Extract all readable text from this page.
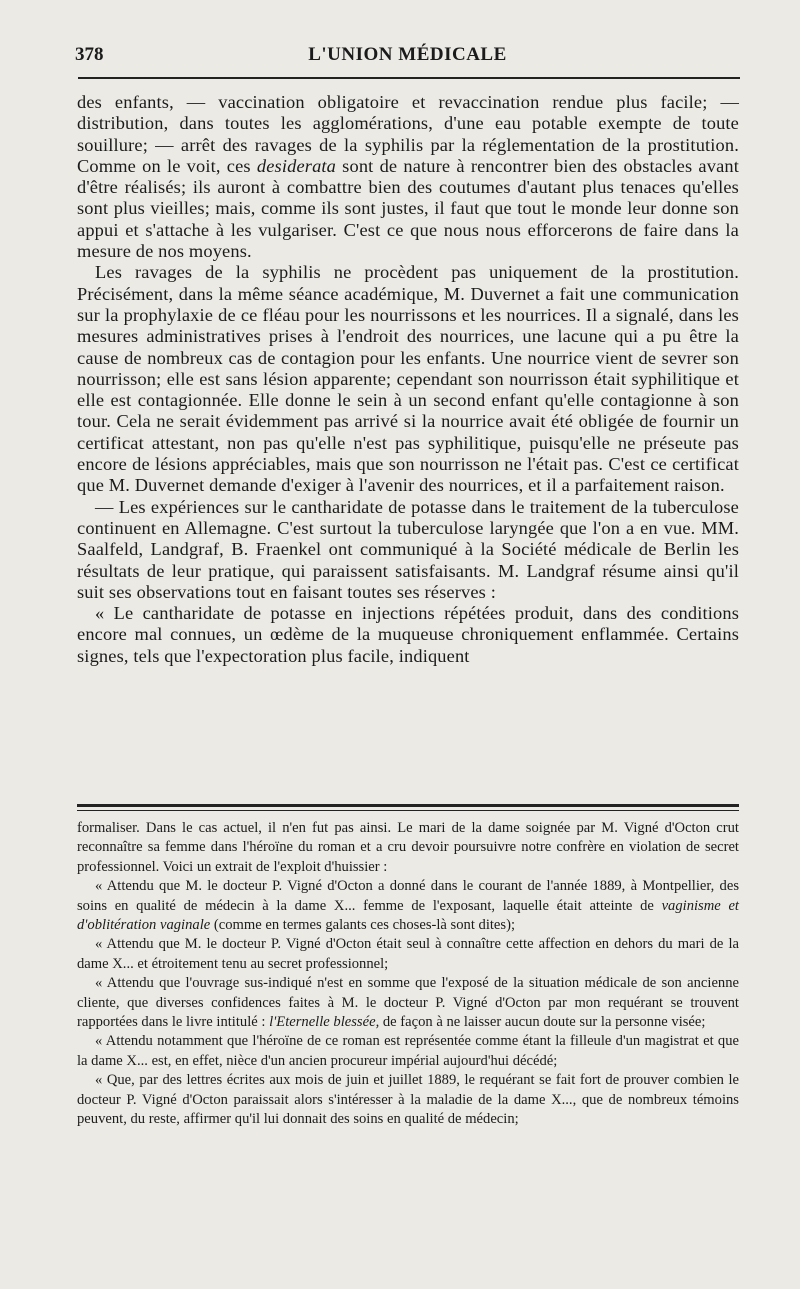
378	L'UNION MÉDICALE

des enfants, — vaccination obligatoire et revaccination rendue plus facile; — distribution, dans toutes les agglomérations, d'une eau potable exempte de toute souillure; — arrêt des ravages de la syphilis par la réglementation de la prostitution. Comme on le voit, ces desiderata sont de nature à rencontrer bien des obstacles avant d'être réalisés; ils auront à combattre bien des coutumes d'autant plus tenaces qu'elles sont plus vieilles; mais, comme ils sont justes, il faut que tout le monde leur donne son appui et s'attache à les vulgariser. C'est ce que nous nous efforcerons de faire dans la mesure de nos moyens.

Les ravages de la syphilis ne procèdent pas uniquement de la prostitution. Précisément, dans la même séance académique, M. Duvernet a fait une communication sur la prophylaxie de ce fléau pour les nourrissons et les nourrices. Il a signalé, dans les mesures administratives prises à l'endroit des nourrices, une lacune qui a pu être la cause de nombreux cas de contagion pour les enfants. Une nourrice vient de sevrer son nourrisson; elle est sans lésion apparente; cependant son nourrisson était syphilitique et elle est contagionnée. Elle donne le sein à un second enfant qu'elle contagionne à son tour. Cela ne serait évidemment pas arrivé si la nourrice avait été obligée de fournir un certificat attestant, non pas qu'elle n'est pas syphilitique, puisqu'elle ne préseute pas encore de lésions appréciables, mais que son nourrisson ne l'était pas. C'est ce certificat que M. Duvernet demande d'exiger à l'avenir des nourrices, et il a parfaitement raison.

— Les expériences sur le cantharidate de potasse dans le traitement de la tuberculose continuent en Allemagne. C'est surtout la tuberculose laryngée que l'on a en vue. MM. Saalfeld, Landgraf, B. Fraenkel ont communiqué à la Société médicale de Berlin les résultats de leur pratique, qui paraissent satisfaisants. M. Landgraf résume ainsi qu'il suit ses observations tout en faisant toutes ses réserves :

« Le cantharidate de potasse en injections répétées produit, dans des conditions encore mal connues, un œdème de la muqueuse chroniquement enflammée. Certains signes, tels que l'expectoration plus facile, indiquent

formaliser. Dans le cas actuel, il n'en fut pas ainsi. Le mari de la dame soignée par M. Vigné d'Octon crut reconnaître sa femme dans l'héroïne du roman et a cru devoir poursuivre notre confrère en violation de secret professionnel. Voici un extrait de l'exploit d'huissier :

« Attendu que M. le docteur P. Vigné d'Octon a donné dans le courant de l'année 1889, à Montpellier, des soins en qualité de médecin à la dame X... femme de l'exposant, laquelle était atteinte de vaginisme et d'oblitération vaginale (comme en termes galants ces choses-là sont dites);

« Attendu que M. le docteur P. Vigné d'Octon était seul à connaître cette affection en dehors du mari de la dame X... et étroitement tenu au secret professionnel;

« Attendu que l'ouvrage sus-indiqué n'est en somme que l'exposé de la situation médicale de son ancienne cliente, que diverses confidences faites à M. le docteur P. Vigné d'Octon par mon requérant se trouvent rapportées dans le livre intitulé : l'Eternelle blessée, de façon à ne laisser aucun doute sur la personne visée;

« Attendu notamment que l'héroïne de ce roman est représentée comme étant la filleule d'un magistrat et que la dame X... est, en effet, nièce d'un ancien procureur impérial aujourd'hui décédé;

« Que, par des lettres écrites aux mois de juin et juillet 1889, le requérant se fait fort de prouver combien le docteur P. Vigné d'Octon paraissait alors s'intéresser à la maladie de la dame X..., que de nombreux témoins peuvent, du reste, affirmer qu'il lui donnait des soins en qualité de médecin;
